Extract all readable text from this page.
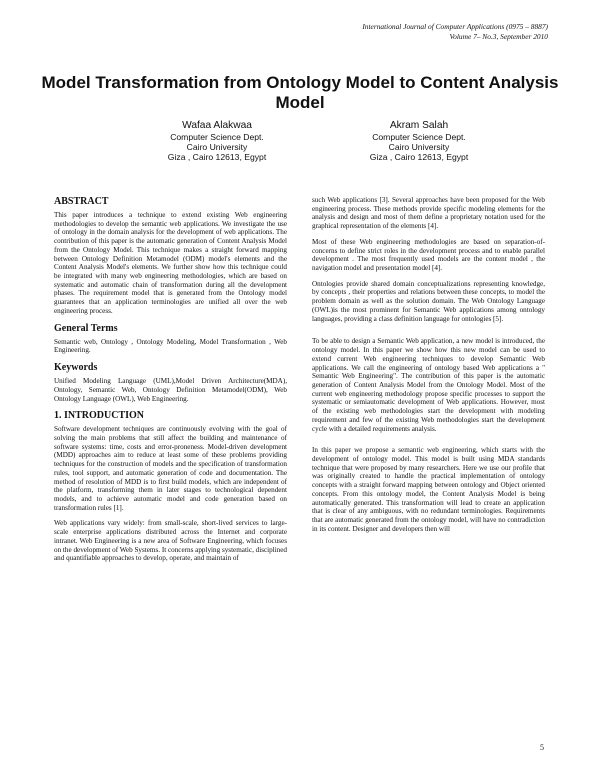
International Journal of Computer Applications (0975 – 8887)
Volume 7– No.3, September 2010
Model Transformation from Ontology Model to Content Analysis Model
Wafaa Alakwaa
Computer Science Dept.
Cairo University
Giza , Cairo 12613, Egypt
Akram Salah
Computer Science Dept.
Cairo University
Giza , Cairo 12613, Egypt
ABSTRACT

This paper introduces a technique to extend existing Web engineering methodologies to develop the semantic web applications. We investigate the use of ontology in the domain analysis for the development of web applications. The contribution of this paper is the automatic generation of Content Analysis Model from the Ontology Model. This technique makes a straight forward mapping between Ontology Definition Metamodel (ODM) model's elements and the Content Analysis Model's elements. We further show how this technique could be integrated with many web engineering methodologies, which are based on systematic and automatic chain of transformation during all the development phases. The requirement model that is generated from the Ontology model guarantees that an application terminologies are unified all over the web engineering process.

General Terms

Semantic web, Ontology , Ontology Modeling, Model Transformation , Web Engineering.

Keywords

Unified Modeling Language (UML),Model Driven Architecture(MDA), Ontology, Semantic Web, Ontology Definition Metamodel(ODM), Web Ontology Language (OWL), Web Engineering.

1. INTRODUCTION

Software development techniques are continuously evolving with the goal of solving the main problems that still affect the building and maintenance of software systems: time, costs and error-proneness. Model-driven development (MDD) approaches aim to reduce at least some of these problems providing techniques for the construction of models and the specification of transformation rules, tool support, and automatic generation of code and documentation. The method of resolution of MDD is to first build models, which are independent of the platform, transforming them in later stages to technological dependent models, and to achieve automatic model and code generation based on transformation rules [1].

Web applications vary widely: from small-scale, short-lived services to large-scale enterprise applications distributed across the Internet and corporate intranet. Web Engineering is a new area of Software Engineering, which focuses on the development of Web Systems. It concerns applying systematic, disciplined and quantifiable approaches to develop, operate, and maintain of

such Web applications [3]. Several approaches have been proposed for the Web engineering process. These methods provide specific modeling elements for the analysis and design and most of them define a proprietary notation used for the graphical representation of the elements [4].

Most of these Web engineering methodologies are based on separation-of-concerns to define strict roles in the development process and to enable parallel development . The most frequently used models are the content model , the navigation model and presentation model [4].

Ontologies provide shared domain conceptualizations representing knowledge, by concepts , their properties and relations between these concepts, to model the problem domain as well as the solution domain. The Web Ontology Language (OWL)is the most prominent for Semantic Web applications among ontology languages, providing a class definition language for ontologies [5].

To be able to design a Semantic Web application, a new model is introduced, the ontology model. In this paper we show how this new model can be used to extend current Web engineering techniques to develop Semantic Web applications. We call the engineering of ontology based Web applications a " Semantic Web Engineering". The contribution of this paper is the automatic generation of Content Analysis Model from the Ontology Model. Most of the current web engineering methodology propose specific processes to support the systematic or semiautomatic development of Web applications. However, most of the existing web methodologies start the development with modeling requirement and few of the existing Web methodologies start the development cycle with a detailed requirements analysis.

In this paper we propose a semantic web engineering, which starts with the development of ontology model. This model is built using MDA standards technique that were proposed by many researchers. Here we use our profile that was originally created to handle the practical implementation of ontology concepts with a straight forward mapping between ontology and Object oriented concepts. From this ontology model, the Content Analysis Model is being automatically generated. This transformation will lead to create an application that is clear of any ambiguous, with no redundant terminologies. Requirements that are automatic generated from the ontology model, will have no contradiction in its content. Designer and developers then will

5
